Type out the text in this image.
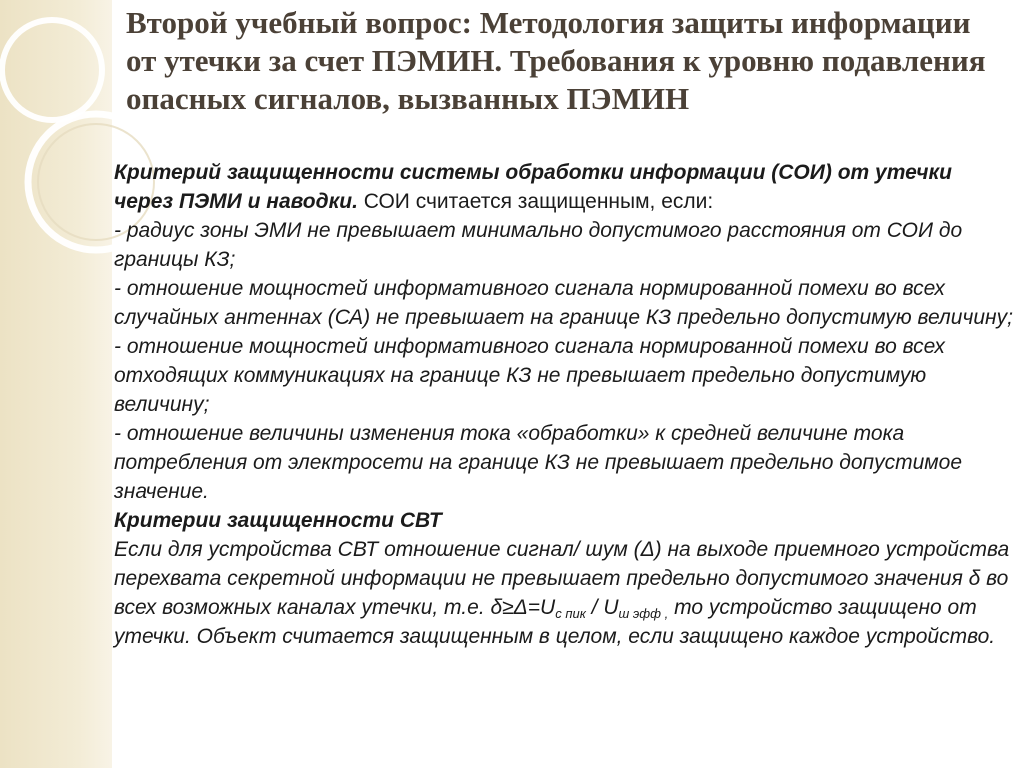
Второй учебный вопрос: Методология защиты информации от утечки за счет ПЭМИН. Требования к уровню подавления опасных сигналов, вызванных ПЭМИН

Критерий защищенности системы обработки информации (СОИ) от утечки через ПЭМИ и наводки. СОИ считается защищенным, если:

- радиус зоны ЭМИ не превышает минимально допустимого расстояния от СОИ до границы КЗ;

- отношение мощностей информативного сигнала нормированной помехи во всех случайных антеннах (СА) не превышает на границе КЗ предельно допустимую величину;

- отношение мощностей информативного сигнала нормированной помехи во всех отходящих коммуникациях на границе КЗ не превышает предельно допустимую величину;

- отношение величины изменения тока «обработки» к средней величине тока потребления от электросети на границе КЗ не превышает предельно допустимое значение.

Критерии защищенности СВТ

Если для устройства СВТ отношение сигнал/ шум (Δ) на выходе приемного устройства перехвата секретной информации не превышает предельно допустимого значения δ во всех возможных каналах утечки, т.е. $\delta\ge\Delta=U_{с пик} / U_{ш эфф ,}$ то устройство защищено от утечки. Объект считается защищенным в целом, если защищено каждое устройство.
